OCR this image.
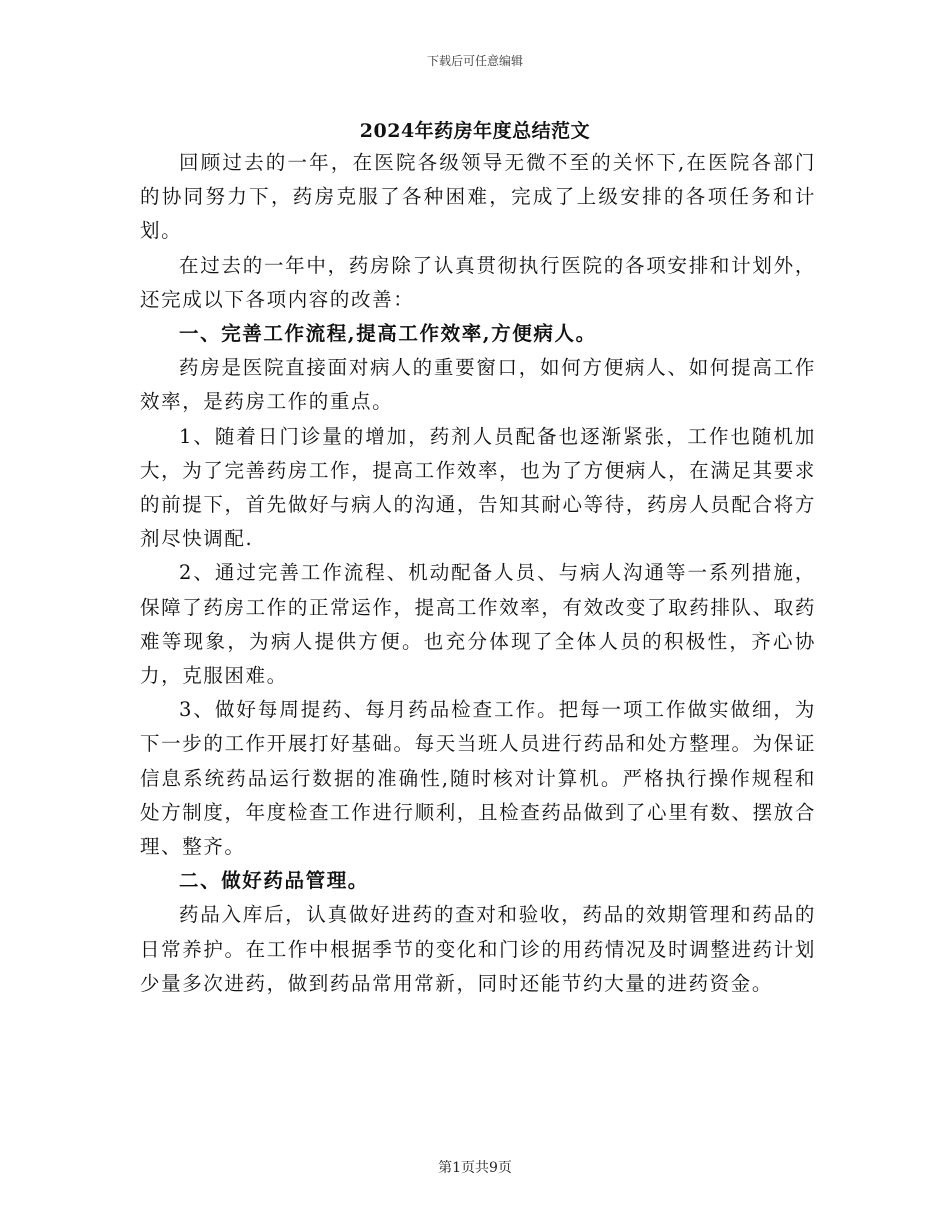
下载后可任意编辑
2024年药房年度总结范文

回顾过去的一年，在医院各级领导无微不至的关怀下,在医院各部门的协同努力下，药房克服了各种困难，完成了上级安排的各项任务和计划。

在过去的一年中，药房除了认真贯彻执行医院的各项安排和计划外，还完成以下各项内容的改善：

一、完善工作流程,提高工作效率,方便病人。

药房是医院直接面对病人的重要窗口，如何方便病人、如何提高工作效率，是药房工作的重点。

1、随着日门诊量的增加，药剂人员配备也逐渐紧张，工作也随机加大，为了完善药房工作，提高工作效率，也为了方便病人，在满足其要求的前提下，首先做好与病人的沟通，告知其耐心等待，药房人员配合将方剂尽快调配.

2、通过完善工作流程、机动配备人员、与病人沟通等一系列措施，保障了药房工作的正常运作，提高工作效率，有效改变了取药排队、取药难等现象，为病人提供方便。也充分体现了全体人员的积极性，齐心协力，克服困难。

3、做好每周提药、每月药品检查工作。把每一项工作做实做细，为下一步的工作开展打好基础。每天当班人员进行药品和处方整理。为保证信息系统药品运行数据的准确性,随时核对计算机。严格执行操作规程和处方制度，年度检查工作进行顺利，且检查药品做到了心里有数、摆放合理、整齐。

二、做好药品管理。

药品入库后，认真做好进药的查对和验收，药品的效期管理和药品的日常养护。在工作中根据季节的变化和门诊的用药情况及时调整进药计划少量多次进药，做到药品常用常新，同时还能节约大量的进药资金。

第1页共9页
